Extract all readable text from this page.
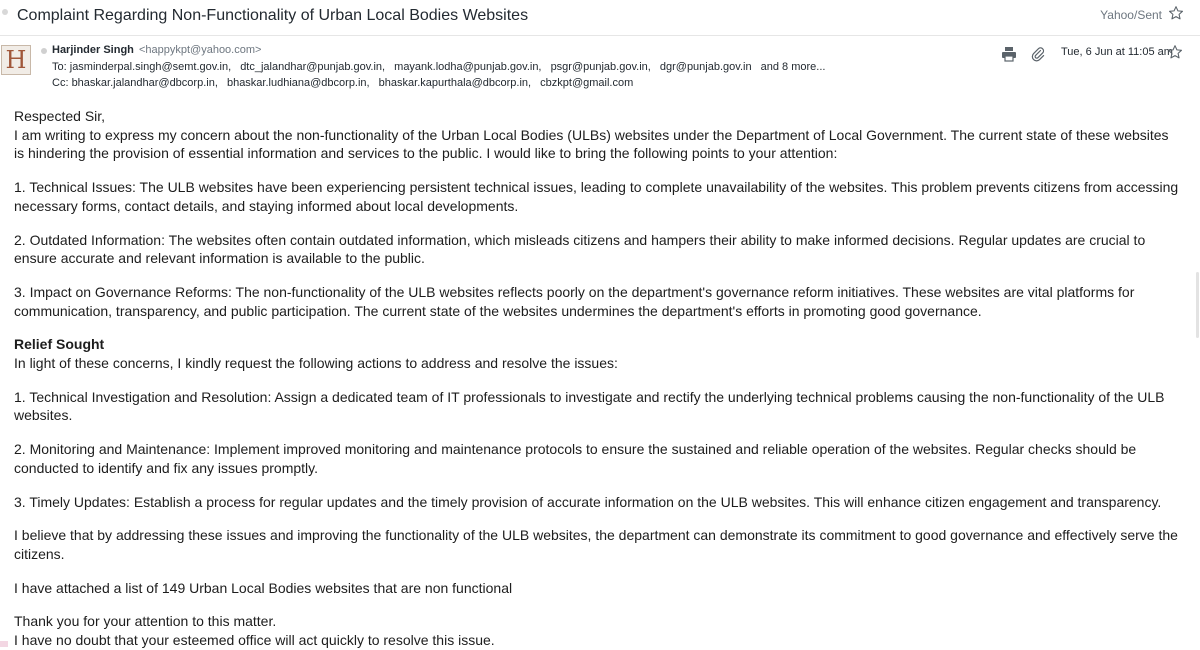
Complaint Regarding Non-Functionality of Urban Local Bodies Websites	Yahoo/Sent
H	Harjinder Singh <happykpt@yahoo.com>
To: jasminderpal.singh@semt.gov.in, dtc_jalandhar@punjab.gov.in, mayank.lodha@punjab.gov.in, psgr@punjab.gov.in, dgr@punjab.gov.in and 8 more...
Cc: bhaskar.jalandhar@dbcorp.in, bhaskar.ludhiana@dbcorp.in, bhaskar.kapurthala@dbcorp.in, cbzkpt@gmail.com
Tue, 6 Jun at 11:05 am

Respected Sir,

I am writing to express my concern about the non-functionality of the Urban Local Bodies (ULBs) websites under the Department of Local Government. The current state of these websites is hindering the provision of essential information and services to the public. I would like to bring the following points to your attention:

1. Technical Issues: The ULB websites have been experiencing persistent technical issues, leading to complete unavailability of the websites. This problem prevents citizens from accessing necessary forms, contact details, and staying informed about local developments.

2. Outdated Information: The websites often contain outdated information, which misleads citizens and hampers their ability to make informed decisions. Regular updates are crucial to ensure accurate and relevant information is available to the public.

3. Impact on Governance Reforms: The non-functionality of the ULB websites reflects poorly on the department's governance reform initiatives. These websites are vital platforms for communication, transparency, and public participation. The current state of the websites undermines the department's efforts in promoting good governance.

Relief Sought

In light of these concerns, I kindly request the following actions to address and resolve the issues:

1. Technical Investigation and Resolution: Assign a dedicated team of IT professionals to investigate and rectify the underlying technical problems causing the non-functionality of the ULB websites.

2. Monitoring and Maintenance: Implement improved monitoring and maintenance protocols to ensure the sustained and reliable operation of the websites. Regular checks should be conducted to identify and fix any issues promptly.

3. Timely Updates: Establish a process for regular updates and the timely provision of accurate information on the ULB websites. This will enhance citizen engagement and transparency.

I believe that by addressing these issues and improving the functionality of the ULB websites, the department can demonstrate its commitment to good governance and effectively serve the citizens.

I have attached a list of 149 Urban Local Bodies websites that are non functional

Thank you for your attention to this matter.

I have no doubt that your esteemed office will act quickly to resolve this issue.
